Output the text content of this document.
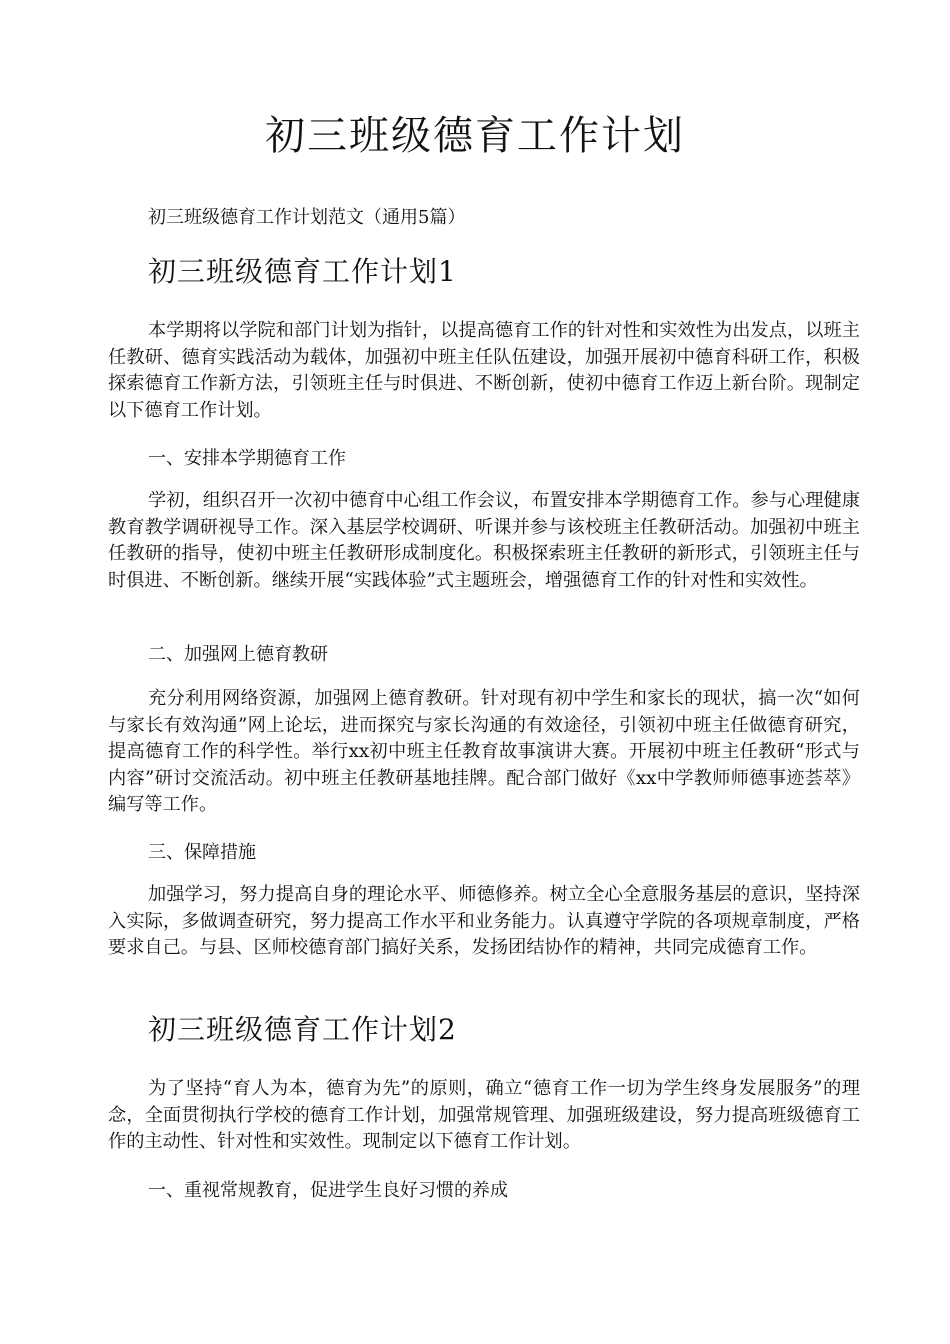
初三班级德育工作计划
初三班级德育工作计划范文（通用5篇）
初三班级德育工作计划1

本学期将以学院和部门计划为指针，以提高德育工作的针对性和实效性为出发点，以班主任教研、德育实践活动为载体，加强初中班主任队伍建设，加强开展初中德育科研工作，积极探索德育工作新方法，引领班主任与时俱进、不断创新，使初中德育工作迈上新台阶。现制定以下德育工作计划。

一、安排本学期德育工作

学初，组织召开一次初中德育中心组工作会议，布置安排本学期德育工作。参与心理健康教育教学调研视导工作。深入基层学校调研、听课并参与该校班主任教研活动。加强初中班主任教研的指导，使初中班主任教研形成制度化。积极探索班主任教研的新形式，引领班主任与时俱进、不断创新。继续开展“实践体验”式主题班会，增强德育工作的针对性和实效性。

二、加强网上德育教研

充分利用网络资源，加强网上德育教研。针对现有初中学生和家长的现状，搞一次“如何与家长有效沟通”网上论坛，进而探究与家长沟通的有效途径，引领初中班主任做德育研究，提高德育工作的科学性。举行xx初中班主任教育故事演讲大赛。开展初中班主任教研“形式与内容”研讨交流活动。初中班主任教研基地挂牌。配合部门做好《xx中学教师师德事迹荟萃》编写等工作。

三、保障措施

加强学习，努力提高自身的理论水平、师德修养。树立全心全意服务基层的意识，坚持深入实际，多做调查研究，努力提高工作水平和业务能力。认真遵守学院的各项规章制度，严格要求自己。与县、区师校德育部门搞好关系，发扬团结协作的精神，共同完成德育工作。

初三班级德育工作计划2

为了坚持“育人为本，德育为先”的原则，确立“德育工作一切为学生终身发展服务”的理念，全面贯彻执行学校的德育工作计划，加强常规管理、加强班级建设，努力提高班级德育工作的主动性、针对性和实效性。现制定以下德育工作计划。

一、重视常规教育，促进学生良好习惯的养成
